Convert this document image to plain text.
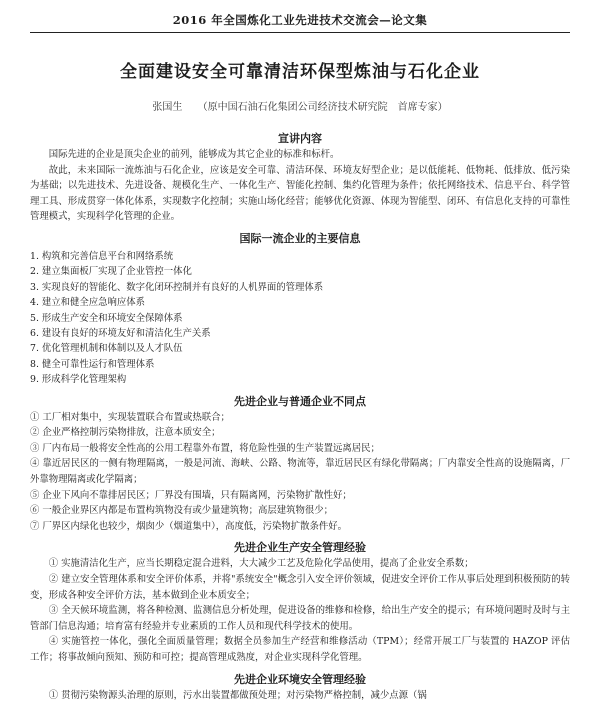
2016 年全国炼化工业先进技术交流会—论文集
全面建设安全可靠清洁环保型炼油与石化企业
张国生 （原中国石油石化集团公司经济技术研究院　首席专家）
宣讲内容

国际先进的企业是顶尖企业的前列，能够成为其它企业的标准和标杆。

故此，未来国际一流炼油与石化企业，应该是安全可靠、清洁环保、环境友好型企业；是以低能耗、低物耗、低排放、低污染为基础；以先进技术、先进设备、规模化生产、一体化生产、智能化控制、集约化管理为条件；依托网络技术、信息平台、科学管理工具、形成贯穿一体化体系，实现数字化控制；实施山场化经营；能够优化资源、体现为智能型、闭环、有信息化支持的可靠性管理模式，实现科学化管理的企业。

国际一流企业的主要信息
1. 构筑和完善信息平台和网络系统
2. 建立集面板厂实现了企业管控一体化
3. 实现良好的智能化、数字化闭环控制并有良好的人机界面的管理体系
4. 建立和健全应急响应体系
5. 形成生产安全和环境安全保障体系
6. 建设有良好的环境友好和清洁化生产关系
7. 优化管理机制和体制以及人才队伍
8. 健全可靠性运行和管理体系
9. 形成科学化管理架构
先进企业与普通企业不同点
① 工厂相对集中，实现装置联合布置或热联合；
② 企业严格控制污染物排放，注意本质安全；
③ 厂内布局一般将安全性高的公用工程靠外布置，将危险性强的生产装置远离居民；
④ 靠近居民区的一侧有物理隔离，一般是河流、海峡、公路、物流等，靠近居民区有绿化带隔离；厂内靠安全性高的设施隔离，厂外靠物理隔离或化学隔离；
⑤ 企业下风向不靠排居民区；厂界没有围墙，只有隔离网，污染物扩散性好；
⑥ 一般企业界区内都是布置构筑物没有或少量建筑物；高层建筑物很少；
⑦ 厂界区内绿化也较少，烟囱少（烟道集中），高度低，污染物扩散条件好。
先进企业生产安全管理经验

① 实施清洁化生产，应当长期稳定混合进料，大大减少工艺及危险化学品使用，提高了企业安全系数；

② 建立安全管理体系和安全评价体系，并将"系统安全"概念引入安全评价领域，促进安全评价工作从事后处理到积极预防的转变，形成各种安全评价方法，基本做到企业本质安全；

③ 全天候环境监测，将各种检测、监测信息分析处理，促进设备的维修和检修，给出生产安全的提示；有环境问题时及时与主管部门信息沟通；培育富有经验并专业素质的工作人员和现代科学技术的使用。

④ 实施管控一体化，强化全面质量管理；数据全员参加生产经营和维修活动（TPM）；经常开展工厂与装置的 HAZOP 评估工作；将事故倾向预知、预防和可控；提高管理成熟度，对企业实现科学化管理。

先进企业环境安全管理经验

① 贯彻污染物源头治理的原则，污水出装置都做预处理；对污染物严格控制，减少点源（锅
